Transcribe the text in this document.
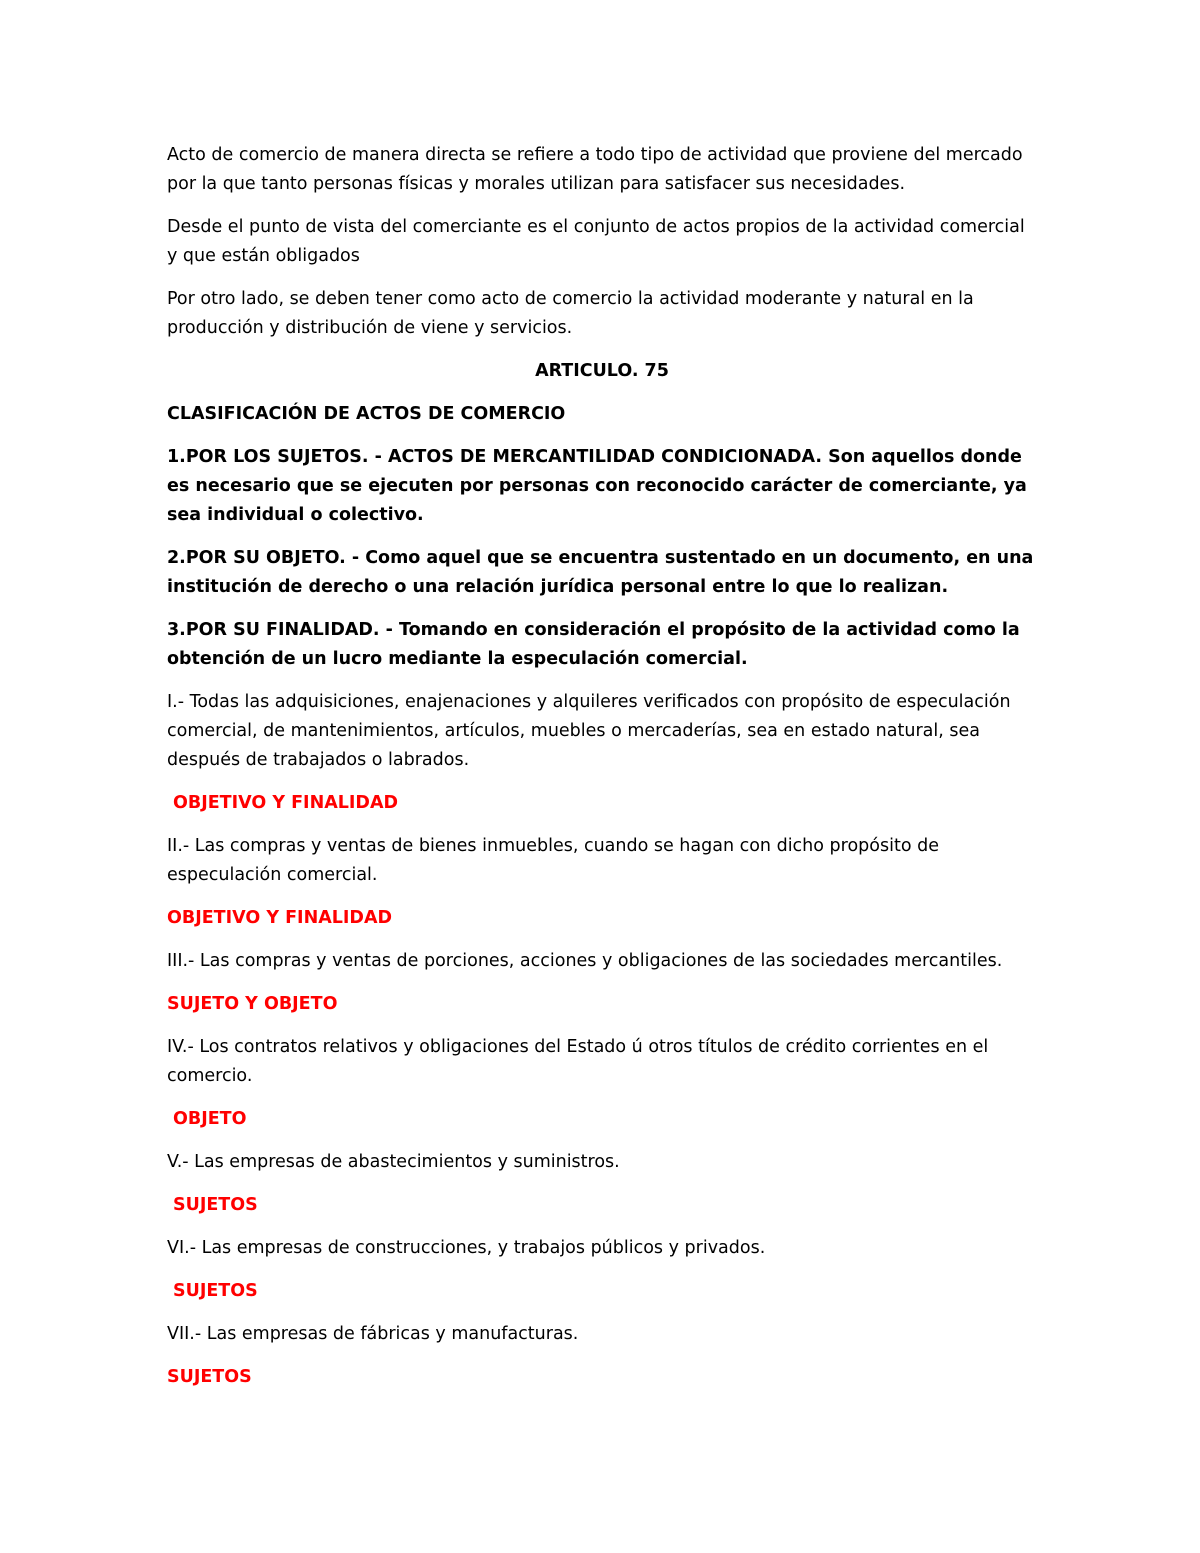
Acto de comercio de manera directa se refiere a todo tipo de actividad que proviene del mercado por la que tanto personas físicas y morales utilizan para satisfacer sus necesidades.

Desde el punto de vista del comerciante es el conjunto de actos propios de la actividad comercial y que están obligados

Por otro lado, se deben tener como acto de comercio la actividad moderante y natural en la producción y distribución de viene y servicios.

ARTICULO. 75

CLASIFICACIÓN DE ACTOS DE COMERCIO

1.POR LOS SUJETOS. - ACTOS DE MERCANTILIDAD CONDICIONADA. Son aquellos donde es necesario que se ejecuten por personas con reconocido carácter de comerciante, ya sea individual o colectivo.

2.POR SU OBJETO. - Como aquel que se encuentra sustentado en un documento, en una institución de derecho o una relación jurídica personal entre lo que lo realizan.

3.POR SU FINALIDAD. - Tomando en consideración el propósito de la actividad como la obtención de un lucro mediante la especulación comercial.

I.- Todas las adquisiciones, enajenaciones y alquileres verificados con propósito de especulación comercial, de mantenimientos, artículos, muebles o mercaderías, sea en estado natural, sea después de trabajados o labrados.

OBJETIVO Y FINALIDAD

II.- Las compras y ventas de bienes inmuebles, cuando se hagan con dicho propósito de especulación comercial.

OBJETIVO Y FINALIDAD

III.- Las compras y ventas de porciones, acciones y obligaciones de las sociedades mercantiles.

SUJETO Y OBJETO

IV.- Los contratos relativos y obligaciones del Estado ú otros títulos de crédito corrientes en el comercio.

OBJETO

V.- Las empresas de abastecimientos y suministros.

SUJETOS

VI.- Las empresas de construcciones, y trabajos públicos y privados.

SUJETOS

VII.- Las empresas de fábricas y manufacturas.

SUJETOS
